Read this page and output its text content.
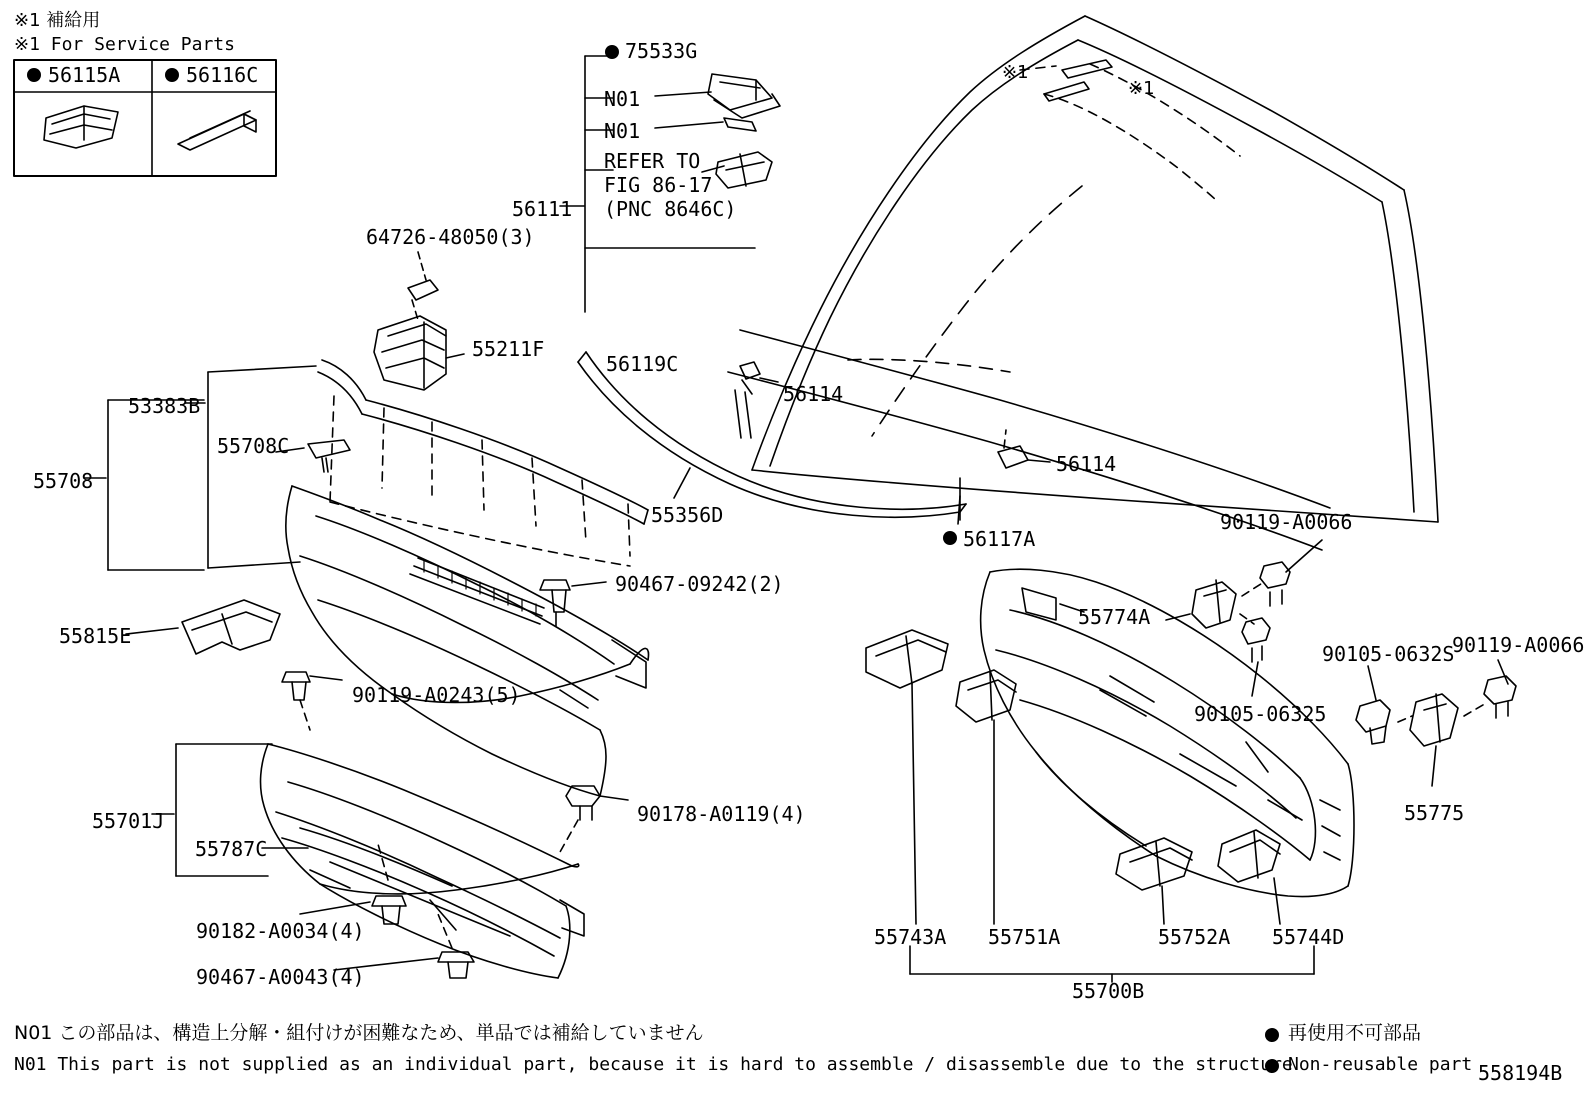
※1 補給用
※1 For Service Parts
56115A	56116C
75533G
N01
N01
REFER TO
FIG 86-17
(PNC 8646C)
56111
56119C
64726-48050(3)
55211F
53383B
55708C
55708
55356D
90467-09242(2)
55815E
90119-A0243(5)
55701J
55787C
90178-A0119(4)
90182-A0034(4)
90467-A0043(4)
56114
56114
56117A
90119-A0066
55774A
90105-06325
90105-0632S
90119-A0066
55775
55743A 55751A	55752A 55744D
55700B
※1
※1
N01 この部品は、構造上分解・組付けが困難なため、単品では補給していません
N01 This part is not supplied as an individual part, because it is hard to assemble / disassemble due to the structure
再使用不可部品
Non-reusable part 558194B
